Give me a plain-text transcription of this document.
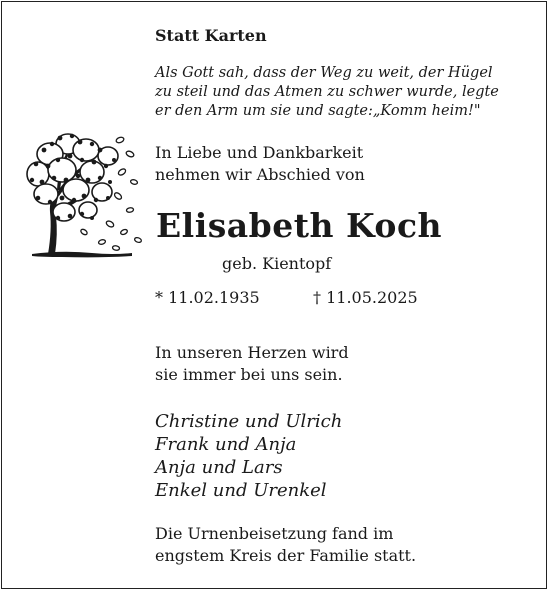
Statt Karten

Als Gott sah, dass der Weg zu weit, der Hügel
zu steil und das Atmen zu schwer wurde, legte
er den Arm um sie und sagte:„Komm heim!"
In Liebe und Dankbarkeit
nehmen wir Abschied von

Elisabeth Koch

geb. Kientopf

* 11.02.1935	† 11.05.2025
In unseren Herzen wird
sie immer bei uns sein.
Christine und Ulrich
Frank und Anja
Anja und Lars
Enkel und Urenkel
Die Urnenbeisetzung fand im
engstem Kreis der Familie statt.
